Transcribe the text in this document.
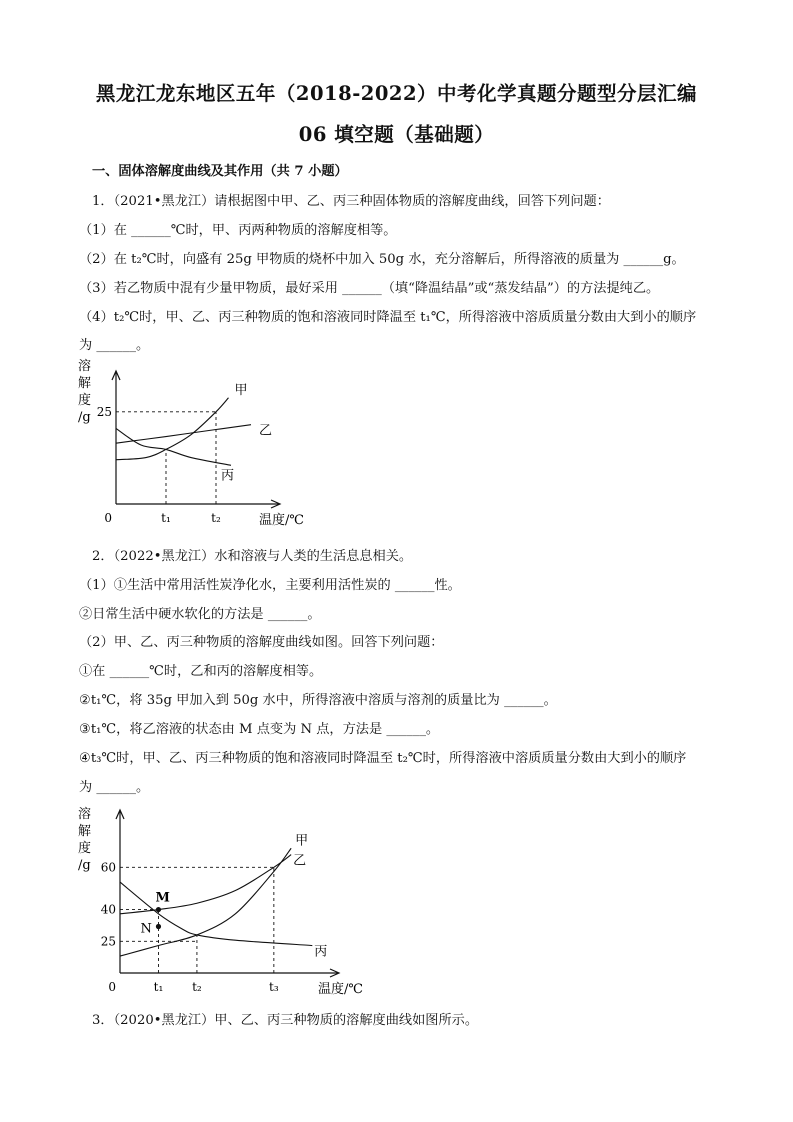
黑龙江龙东地区五年（2018-2022）中考化学真题分题型分层汇编
06 填空题（基础题）
一、固体溶解度曲线及其作用（共 7 小题）
1．（2021•黑龙江）请根据图中甲、乙、丙三种固体物质的溶解度曲线，回答下列问题：
（1）在 ______℃时，甲、丙两种物质的溶解度相等。
（2）在 t₂℃时，向盛有 25g 甲物质的烧杯中加入 50g 水，充分溶解后，所得溶液的质量为 ______g。
（3）若乙物质中混有少量甲物质，最好采用 ______（填“降温结晶”或“蒸发结晶”）的方法提纯乙。
（4）t₂℃时，甲、乙、丙三种物质的饱和溶液同时降温至 t₁℃，所得溶液中溶质质量分数由大到小的顺序
为 ______。
溶
解
度
/g
0	温度/℃
25
t₁	t₂
甲
乙
丙
2．（2022•黑龙江）水和溶液与人类的生活息息相关。
（1）①生活中常用活性炭净化水，主要利用活性炭的 ______性。
②日常生活中硬水软化的方法是 ______。
（2）甲、乙、丙三种物质的溶解度曲线如图。回答下列问题：
①在 ______℃时，乙和丙的溶解度相等。
②t₁℃，将 35g 甲加入到 50g 水中，所得溶液中溶质与溶剂的质量比为 ______。
③t₁℃，将乙溶液的状态由 M 点变为 N 点，方法是 ______。
④t₃℃时，甲、乙、丙三种物质的饱和溶液同时降温至 t₂℃时，所得溶液中溶质质量分数由大到小的顺序
为 ______。
溶
解
度
/g
0	温度/℃
60
40
25
t₁ t₂	t₃
甲
乙
丙
M
N
3．（2020•黑龙江）甲、乙、丙三种物质的溶解度曲线如图所示。
